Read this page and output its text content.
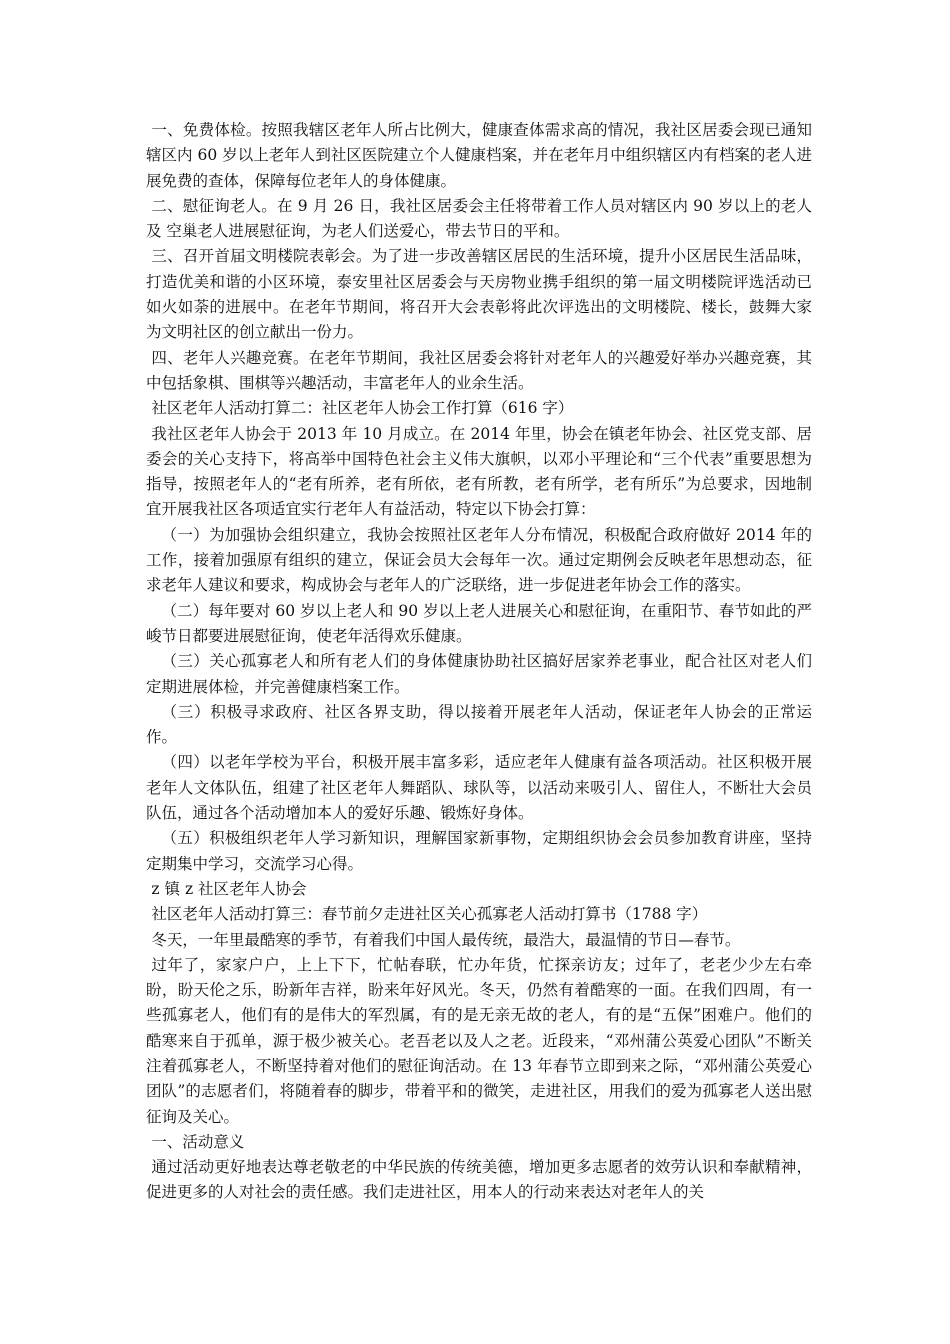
一、免费体检。按照我辖区老年人所占比例大，健康查体需求高的情况，我社区居委会现已通知辖区内 60 岁以上老年人到社区医院建立个人健康档案，并在老年月中组织辖区内有档案的老人进展免费的查体，保障每位老年人的身体健康。

二、慰征询老人。在 9 月 26 日，我社区居委会主任将带着工作人员对辖区内 90 岁以上的老人及 空巢老人进展慰征询，为老人们送爱心，带去节日的平和。

三、召开首届文明楼院表彰会。为了进一步改善辖区居民的生活环境，提升小区居民生活品味，打造优美和谐的小区环境，泰安里社区居委会与天房物业携手组织的第一届文明楼院评选活动已如火如荼的进展中。在老年节期间，将召开大会表彰将此次评选出的文明楼院、楼长，鼓舞大家为文明社区的创立献出一份力。

四、老年人兴趣竞赛。在老年节期间，我社区居委会将针对老年人的兴趣爱好举办兴趣竞赛，其中包括象棋、围棋等兴趣活动，丰富老年人的业余生活。

社区老年人活动打算二：社区老年人协会工作打算（616 字）

我社区老年人协会于 2013 年 10 月成立。在 2014 年里，协会在镇老年协会、社区党支部、居委会的关心支持下，将高举中国特色社会主义伟大旗帜，以邓小平理论和“三个代表”重要思想为指导，按照老年人的“老有所养，老有所依，老有所教，老有所学，老有所乐”为总要求，因地制宜开展我社区各项适宜实行老年人有益活动，特定以下协会打算：

（一）为加强协会组织建立，我协会按照社区老年人分布情况，积极配合政府做好 2014 年的工作，接着加强原有组织的建立，保证会员大会每年一次。通过定期例会反映老年思想动态，征求老年人建议和要求，构成协会与老年人的广泛联络，进一步促进老年协会工作的落实。

（二）每年要对 60 岁以上老人和 90 岁以上老人进展关心和慰征询，在重阳节、春节如此的严峻节日都要进展慰征询，使老年活得欢乐健康。

（三）关心孤寡老人和所有老人们的身体健康协助社区搞好居家养老事业，配合社区对老人们定期进展体检，并完善健康档案工作。

（三）积极寻求政府、社区各界支助，得以接着开展老年人活动，保证老年人协会的正常运作。

（四）以老年学校为平台，积极开展丰富多彩，适应老年人健康有益各项活动。社区积极开展老年人文体队伍，组建了社区老年人舞蹈队、球队等，以活动来吸引人、留住人，不断壮大会员队伍，通过各个活动增加本人的爱好乐趣、锻炼好身体。

（五）积极组织老年人学习新知识，理解国家新事物，定期组织协会会员参加教育讲座，坚持定期集中学习，交流学习心得。

z 镇 z 社区老年人协会

社区老年人活动打算三：春节前夕走进社区关心孤寡老人活动打算书（1788 字）

冬天，一年里最酷寒的季节，有着我们中国人最传统，最浩大，最温情的节日—春节。

过年了，家家户户，上上下下，忙帖春联，忙办年货，忙探亲访友；过年了，老老少少左右牵盼，盼天伦之乐，盼新年吉祥，盼来年好风光。冬天，仍然有着酷寒的一面。在我们四周，有一些孤寡老人，他们有的是伟大的军烈属，有的是无亲无故的老人，有的是“五保”困难户。他们的酷寒来自于孤单，源于极少被关心。老吾老以及人之老。近段来，“邓州蒲公英爱心团队”不断关注着孤寡老人，不断坚持着对他们的慰征询活动。在 13 年春节立即到来之际，“邓州蒲公英爱心团队”的志愿者们，将随着春的脚步，带着平和的微笑，走进社区，用我们的爱为孤寡老人送出慰征询及关心。

一、活动意义

通过活动更好地表达尊老敬老的中华民族的传统美德，增加更多志愿者的效劳认识和奉献精神，促进更多的人对社会的责任感。我们走进社区，用本人的行动来表达对老年人的关
